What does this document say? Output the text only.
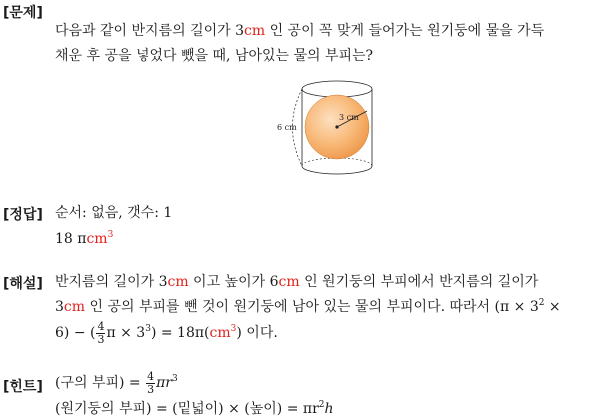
[문제]
다음과 같이 반지름의 길이가 3cm 인 공이 꼭 맞게 들어가는 원기둥에 물을 가득
채운 후 공을 넣었다 뺐을 때, 남아있는 물의 부피는?
3 cm
6 cm
[정답] 순서: 없음, 갯수: 1
18 πcm$^3$
[해설] 반지름의 길이가 3cm 이고 높이가 6cm 인 원기둥의 부피에서 반지름의 길이가
3cm 인 공의 부피를 뺀 것이 원기둥에 남아 있는 물의 부피이다. 따라서 ($\pi \times 3^2$ ×
6) − ( $\frac{4}{3}$ $\pi \times 3^3) = 18\pi(cm^3)$ 이다.
[힌트] (구의 부피) = $\frac{4}{3} \pi r^3$
(원기둥의 부피) = (밑넓이) × (높이) = $\pi r^2h$
